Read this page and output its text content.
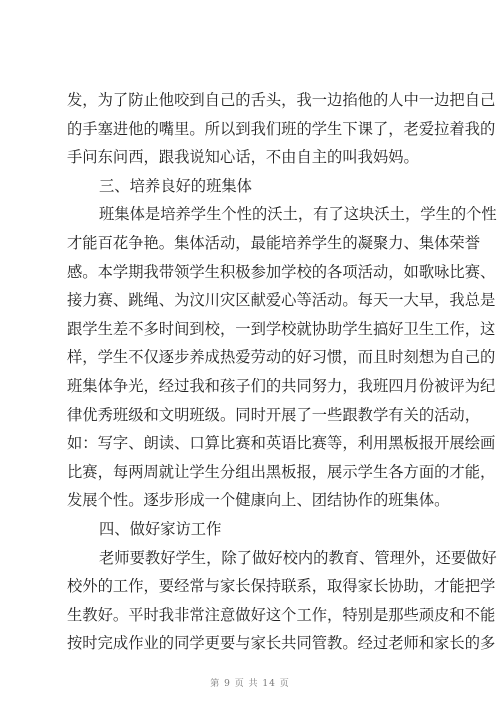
发，为了防止他咬到自己的舌头，我一边掐他的人中一边把自己
的手塞进他的嘴里。所以到我们班的学生下课了，老爱拉着我的
手问东问西，跟我说知心话，不由自主的叫我妈妈。
三、培养良好的班集体
班集体是培养学生个性的沃土，有了这块沃土，学生的个性
才能百花争艳。集体活动，最能培养学生的凝聚力、集体荣誉
感。本学期我带领学生积极参加学校的各项活动，如歌咏比赛、
接力赛、跳绳、为汶川灾区献爱心等活动。每天一大早，我总是
跟学生差不多时间到校，一到学校就协助学生搞好卫生工作，这
样，学生不仅逐步养成热爱劳动的好习惯，而且时刻想为自己的
班集体争光，经过我和孩子们的共同努力，我班四月份被评为纪
律优秀班级和文明班级。同时开展了一些跟教学有关的活动，
如：写字、朗读、口算比赛和英语比赛等，利用黑板报开展绘画
比赛，每两周就让学生分组出黑板报，展示学生各方面的才能，
发展个性。逐步形成一个健康向上、团结协作的班集体。
四、做好家访工作
老师要教好学生，除了做好校内的教育、管理外，还要做好
校外的工作，要经常与家长保持联系，取得家长协助，才能把学
生教好。平时我非常注意做好这个工作，特别是那些顽皮和不能
按时完成作业的同学更要与家长共同管教。经过老师和家长的多
第 9 页 共 14 页
